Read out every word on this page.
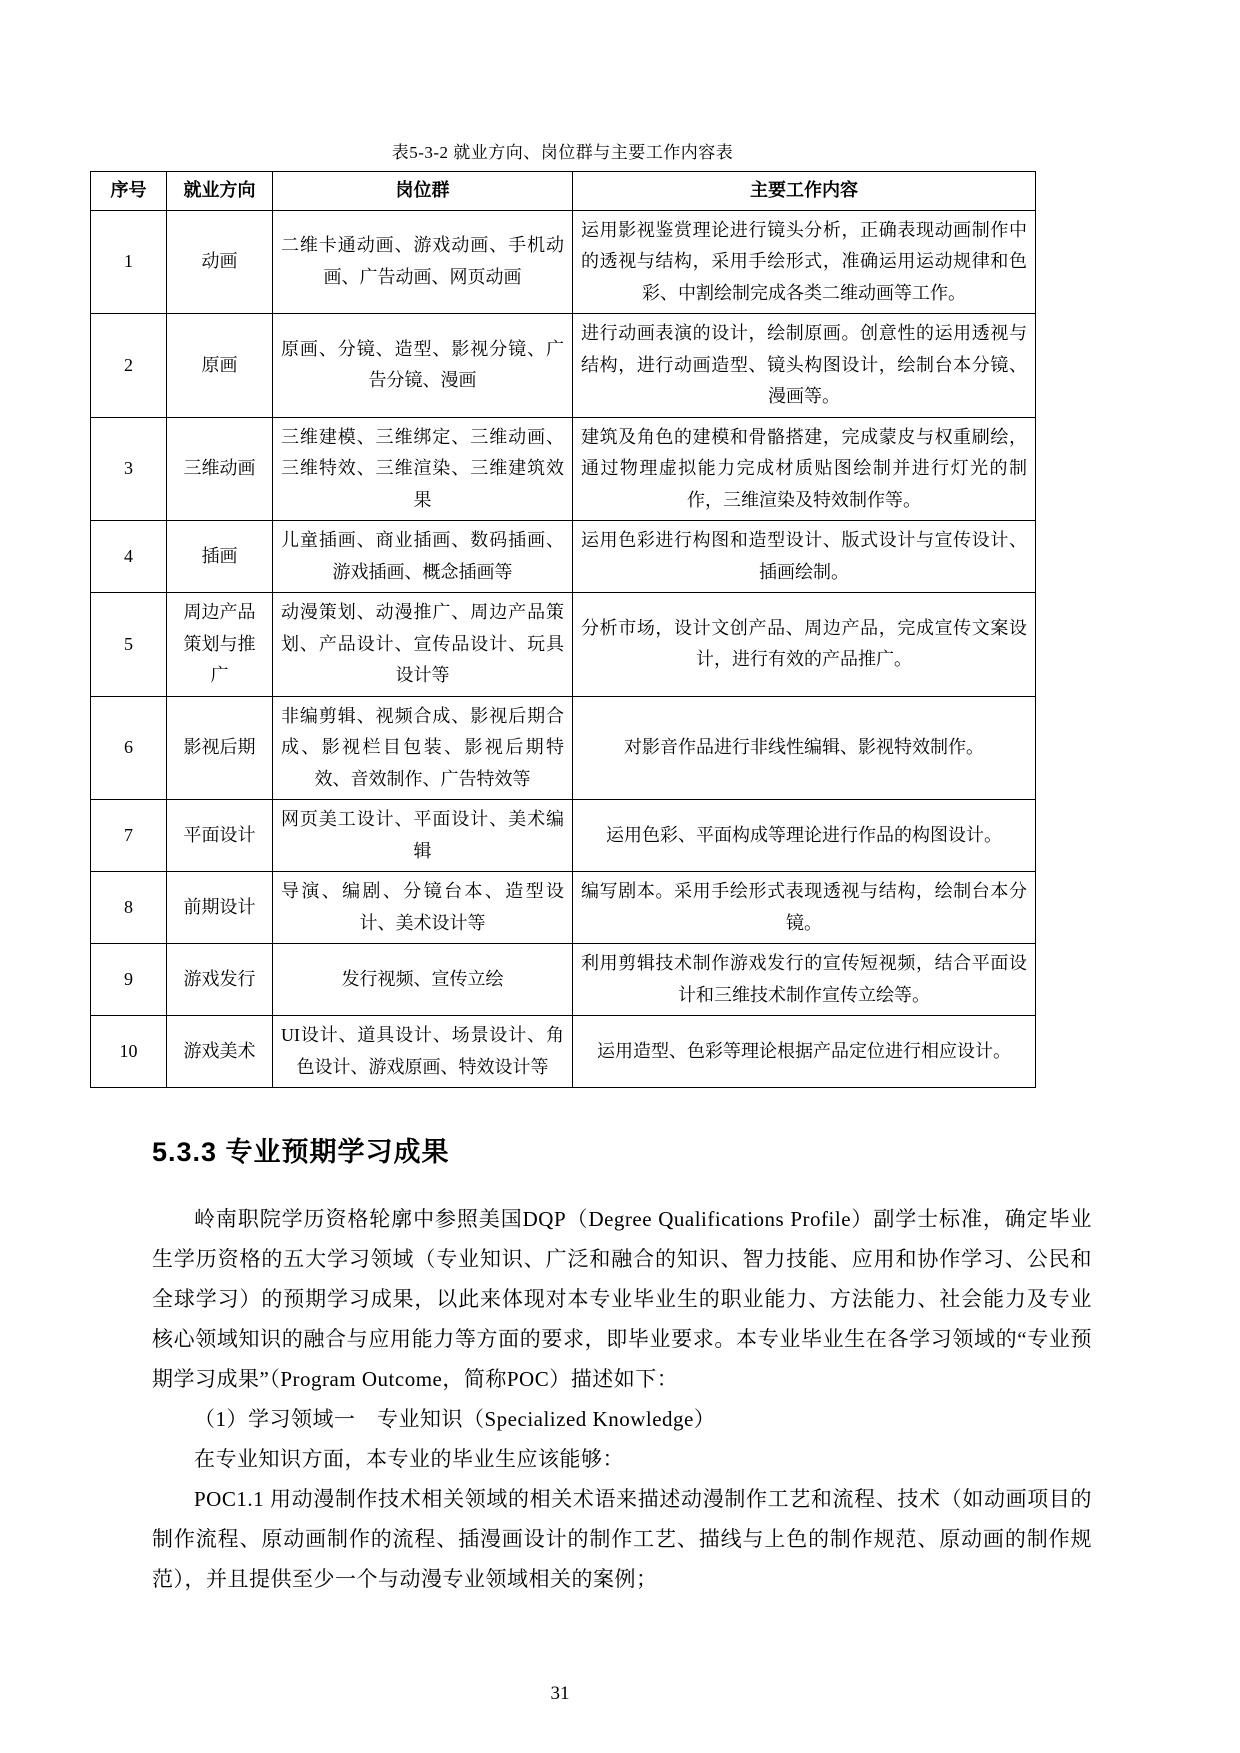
表5-3-2 就业方向、岗位群与主要工作内容表
序号	就业方向	岗位群	主要工作内容
1	动画	二维卡通动画、游戏动画、手机动画、广告动画、网页动画	运用影视鉴赏理论进行镜头分析，正确表现动画制作中的透视与结构，采用手绘形式，准确运用运动规律和色彩、中割绘制完成各类二维动画等工作。
2	原画	原画、分镜、造型、影视分镜、广告分镜、漫画	进行动画表演的设计，绘制原画。创意性的运用透视与结构，进行动画造型、镜头构图设计，绘制台本分镜、漫画等。
3	三维动画	三维建模、三维绑定、三维动画、三维特效、三维渲染、三维建筑效果	建筑及角色的建模和骨骼搭建，完成蒙皮与权重刷绘，通过物理虚拟能力完成材质贴图绘制并进行灯光的制作，三维渲染及特效制作等。
4	插画	儿童插画、商业插画、数码插画、游戏插画、概念插画等	运用色彩进行构图和造型设计、版式设计与宣传设计、插画绘制。
5	周边产品策划与推广	动漫策划、动漫推广、周边产品策划、产品设计、宣传品设计、玩具设计等	分析市场，设计文创产品、周边产品，完成宣传文案设计，进行有效的产品推广。
6	影视后期	非编剪辑、视频合成、影视后期合成、影视栏目包装、影视后期特效、音效制作、广告特效等	对影音作品进行非线性编辑、影视特效制作。
7	平面设计	网页美工设计、平面设计、美术编辑	运用色彩、平面构成等理论进行作品的构图设计。
8	前期设计	导演、编剧、分镜台本、造型设计、美术设计等	编写剧本。采用手绘形式表现透视与结构，绘制台本分镜。
9	游戏发行	发行视频、宣传立绘	利用剪辑技术制作游戏发行的宣传短视频，结合平面设计和三维技术制作宣传立绘等。
10	游戏美术	UI设计、道具设计、场景设计、角色设计、游戏原画、特效设计等	运用造型、色彩等理论根据产品定位进行相应设计。
5.3.3 专业预期学习成果

岭南职院学历资格轮廓中参照美国DQP（Degree Qualifications Profile）副学士标准，确定毕业生学历资格的五大学习领域（专业知识、广泛和融合的知识、智力技能、应用和协作学习、公民和全球学习）的预期学习成果，以此来体现对本专业毕业生的职业能力、方法能力、社会能力及专业核心领域知识的融合与应用能力等方面的要求，即毕业要求。本专业毕业生在各学习领域的“专业预期学习成果”（Program Outcome，简称POC）描述如下：

（1）学习领域一　专业知识（Specialized Knowledge）

在专业知识方面，本专业的毕业生应该能够：

POC1.1 用动漫制作技术相关领域的相关术语来描述动漫制作工艺和流程、技术（如动画项目的制作流程、原动画制作的流程、插漫画设计的制作工艺、描线与上色的制作规范、原动画的制作规范），并且提供至少一个与动漫专业领域相关的案例；

31
